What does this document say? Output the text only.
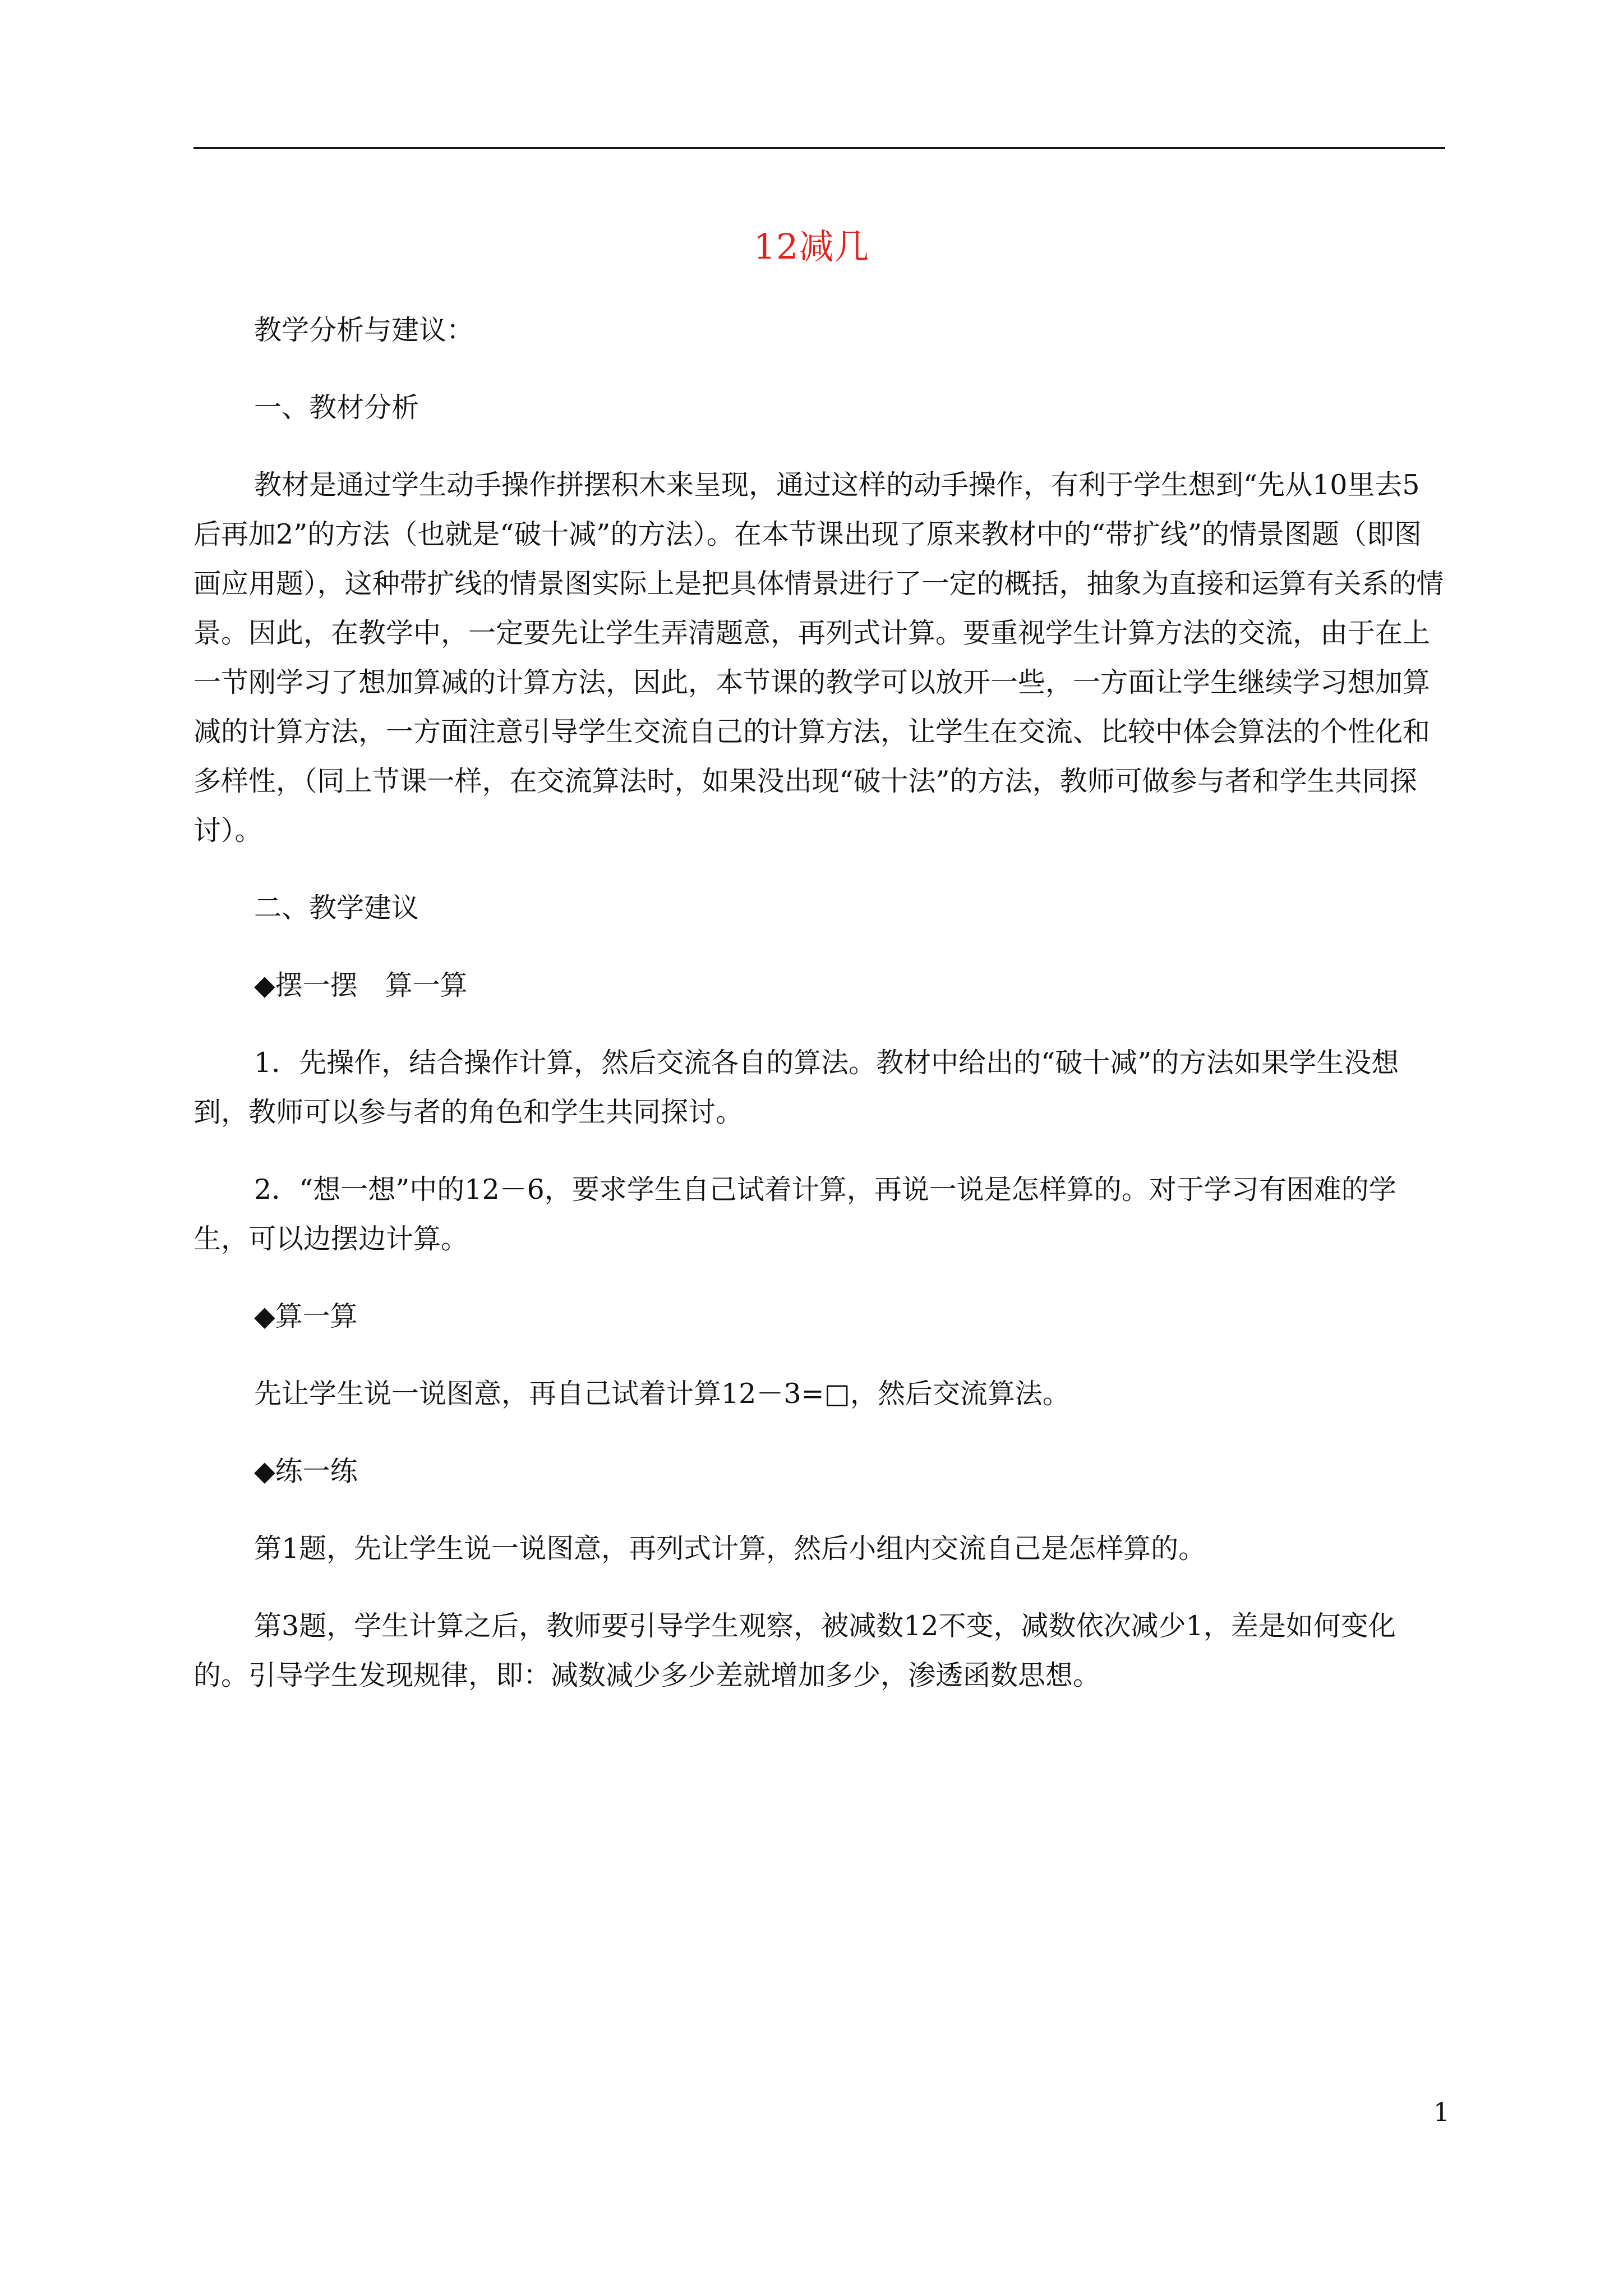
12减几

教学分析与建议：

一、教材分析

教材是通过学生动手操作拼摆积木来呈现，通过这样的动手操作，有利于学生想到“先从10里去5后再加2”的方法（也就是“破十减”的方法）。在本节课出现了原来教材中的“带扩线”的情景图题（即图画应用题），这种带扩线的情景图实际上是把具体情景进行了一定的概括，抽象为直接和运算有关系的情景。因此，在教学中，一定要先让学生弄清题意，再列式计算。要重视学生计算方法的交流，由于在上一节刚学习了想加算减的计算方法，因此，本节课的教学可以放开一些，一方面让学生继续学习想加算减的计算方法，一方面注意引导学生交流自己的计算方法，让学生在交流、比较中体会算法的个性化和多样性，（同上节课一样，在交流算法时，如果没出现“破十法”的方法，教师可做参与者和学生共同探讨）。

二、教学建议

◆摆一摆　算一算

1．先操作，结合操作计算，然后交流各自的算法。教材中给出的“破十减”的方法如果学生没想到，教师可以参与者的角色和学生共同探讨。

2．“想一想”中的12－6，要求学生自己试着计算，再说一说是怎样算的。对于学习有困难的学生，可以边摆边计算。

◆算一算

先让学生说一说图意，再自己试着计算12－3=□，然后交流算法。

◆练一练

第1题，先让学生说一说图意，再列式计算，然后小组内交流自己是怎样算的。

第3题，学生计算之后，教师要引导学生观察，被减数12不变，减数依次减少1，差是如何变化的。引导学生发现规律，即：减数减少多少差就增加多少，渗透函数思想。

1
